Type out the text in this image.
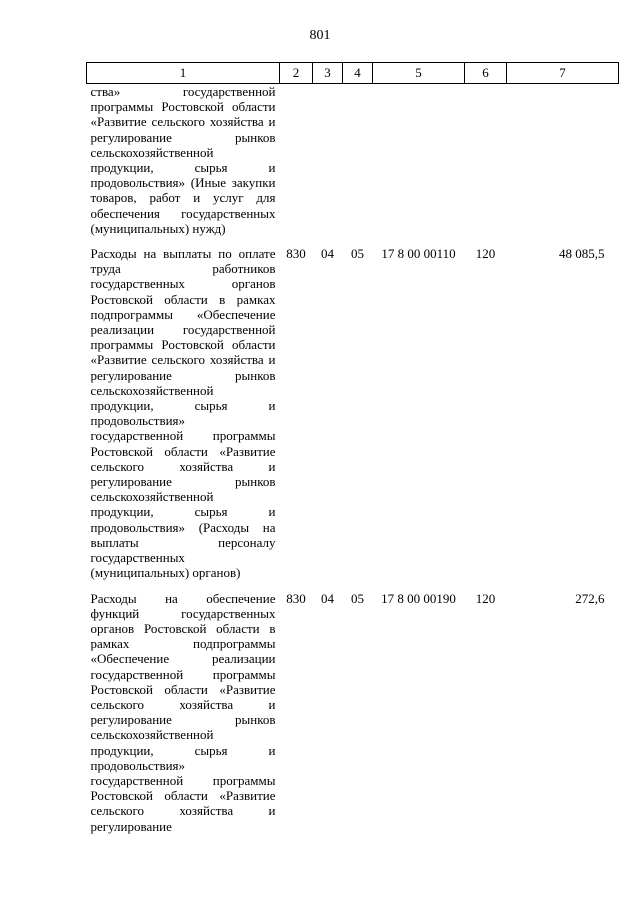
801
1	2	3	4	5	6	7
ства» государственной программы Ростовской области «Развитие сельского хозяйства и регулирование рынков сельскохозяйственной продукции, сырья и продовольствия» (Иные закупки товаров, работ и услуг для обеспечения государственных (муниципальных) нужд)						
Расходы на выплаты по оплате труда работников государственных органов Ростовской области в рамках подпрограммы «Обеспечение реализации государственной программы Ростовской области «Развитие сельского хозяйства и регулирование рынков сельскохозяйственной продукции, сырья и продовольствия» государственной программы Ростовской области «Развитие сельского хозяйства и регулирование рынков сельскохозяйственной продукции, сырья и продовольствия» (Расходы на выплаты персоналу государственных (муниципальных) органов)	830	04	05	17 8 00 00110	120	48 085,5
Расходы на обеспечение функций государственных органов Ростовской области в рамках подпрограммы «Обеспечение реализации государственной программы Ростовской области «Развитие сельского хозяйства и регулирование рынков сельскохозяйственной продукции, сырья и продовольствия» государственной программы Ростовской области «Развитие сельского хозяйства и регулирование	830	04	05	17 8 00 00190	120	272,6
